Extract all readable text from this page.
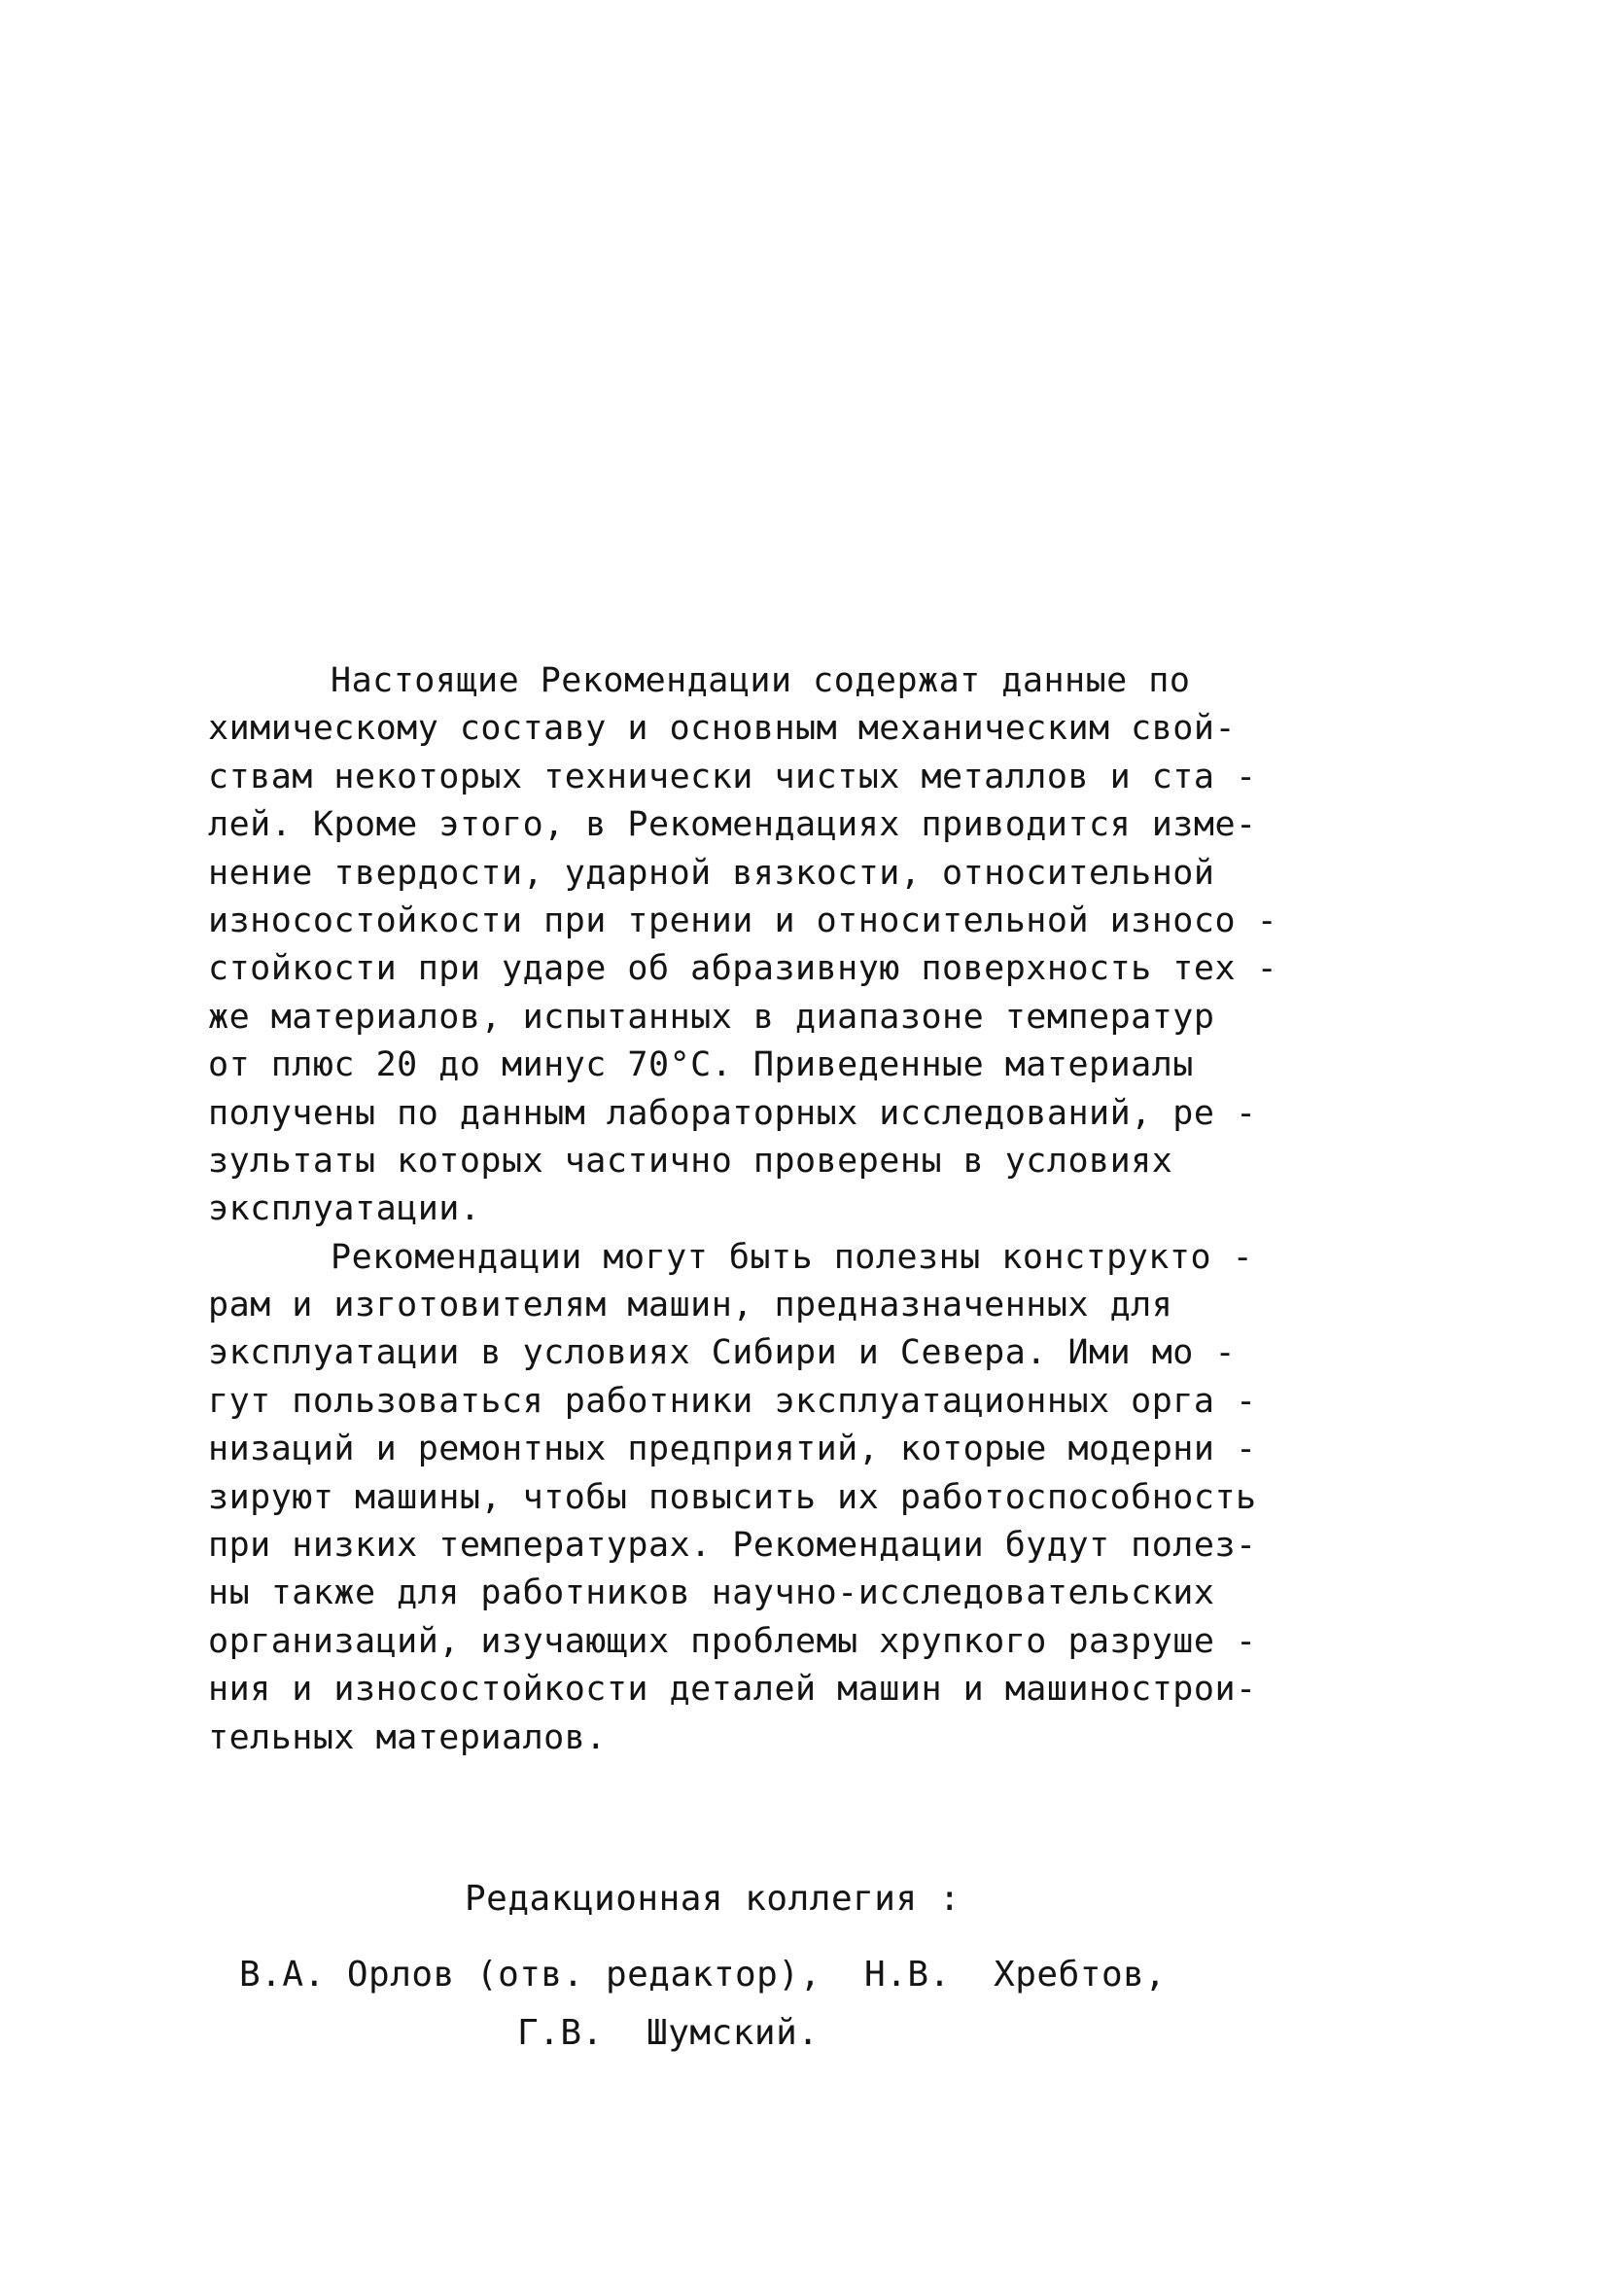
Настоящие Рекомендации содержат данные по
химическому составу и основным механическим свой-
ствам некоторых технически чистых металлов и ста -
лей. Кроме этого, в Рекомендациях приводится изме-
нение твердости, ударной вязкости, относительной
износостойкости при трении и относительной износо -
стойкости при ударе об абразивную поверхность тех -
же материалов, испытанных в диапазоне температур
от плюс 20 до минус 70°С. Приведенные материалы
получены по данным лабораторных исследований, ре -
зультаты которых частично проверены в условиях
эксплуатации.
Рекомендации могут быть полезны конструкто -
рам и изготовителям машин, предназначенных для
эксплуатации в условиях Сибири и Севера. Ими мо -
гут пользоваться работники эксплуатационных орга -
низаций и ремонтных предприятий, которые модерни -
зируют машины, чтобы повысить их работоспособность
при низких температурах. Рекомендации будут полез-
ны также для работников научно-исследовательских
организаций, изучающих проблемы хрупкого разруше -
ния и износостойкости деталей машин и машинострои-
тельных материалов.
Редакционная коллегия :
В.А. Орлов (отв. редактор),  Н.В.  Хребтов,
Г.В.  Шумский.
